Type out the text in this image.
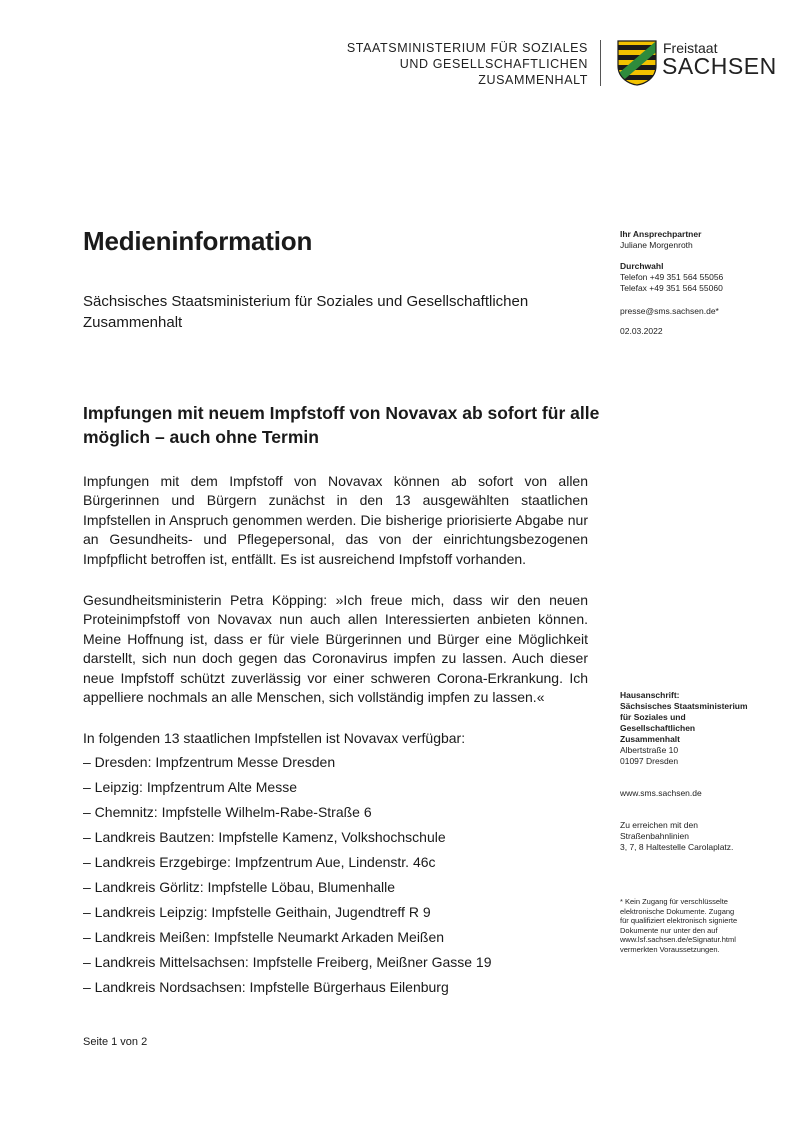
STAATSMINISTERIUM FÜR SOZIALES
UND GESELLSCHAFTLICHEN
ZUSAMMENHALT
Freistaat
SACHSEN
Medieninformation
Sächsisches Staatsministerium für Soziales und Gesellschaftlichen Zusammenhalt
Impfungen mit neuem Impfstoff von Novavax ab sofort für alle möglich – auch ohne Termin
Impfungen mit dem Impfstoff von Novavax können ab sofort von allen Bürgerinnen und Bürgern zunächst in den 13 ausgewählten staatlichen Impfstellen in Anspruch genommen werden. Die bisherige priorisierte Abgabe nur an Gesundheits- und Pflegepersonal, das von der einrichtungsbezogenen Impfpflicht betroffen ist, entfällt. Es ist ausreichend Impfstoff vorhanden.
Gesundheitsministerin Petra Köpping: »Ich freue mich, dass wir den neuen Proteinimpfstoff von Novavax nun auch allen Interessierten anbieten können. Meine Hoffnung ist, dass er für viele Bürgerinnen und Bürger eine Möglichkeit darstellt, sich nun doch gegen das Coronavirus impfen zu lassen. Auch dieser neue Impfstoff schützt zuverlässig vor einer schweren Corona-Erkrankung. Ich appelliere nochmals an alle Menschen, sich vollständig impfen zu lassen.«
In folgenden 13 staatlichen Impfstellen ist Novavax verfügbar:
– Dresden: Impfzentrum Messe Dresden
– Leipzig: Impfzentrum Alte Messe
– Chemnitz: Impfstelle Wilhelm-Rabe-Straße 6
– Landkreis Bautzen: Impfstelle Kamenz, Volkshochschule
– Landkreis Erzgebirge: Impfzentrum Aue, Lindenstr. 46c
– Landkreis Görlitz: Impfstelle Löbau, Blumenhalle
– Landkreis Leipzig: Impfstelle Geithain, Jugendtreff R 9
– Landkreis Meißen: Impfstelle Neumarkt Arkaden Meißen
– Landkreis Mittelsachsen: Impfstelle Freiberg, Meißner Gasse 19
– Landkreis Nordsachsen: Impfstelle Bürgerhaus Eilenburg
Seite 1 von 2
Ihr Ansprechpartner
Juliane Morgenroth
Durchwahl
Telefon +49 351 564 55056
Telefax +49 351 564 55060
presse@sms.sachsen.de*
02.03.2022
Hausanschrift:
Sächsisches Staatsministerium
für Soziales und
Gesellschaftlichen
Zusammenhalt
Albertstraße 10
01097 Dresden
www.sms.sachsen.de
Zu erreichen mit den
Straßenbahnlinien
3, 7, 8 Haltestelle Carolaplatz.
* Kein Zugang für verschlüsselte
elektronische Dokumente. Zugang
für qualifiziert elektronisch signierte
Dokumente nur unter den auf
www.lsf.sachsen.de/eSignatur.html
vermerkten Voraussetzungen.
